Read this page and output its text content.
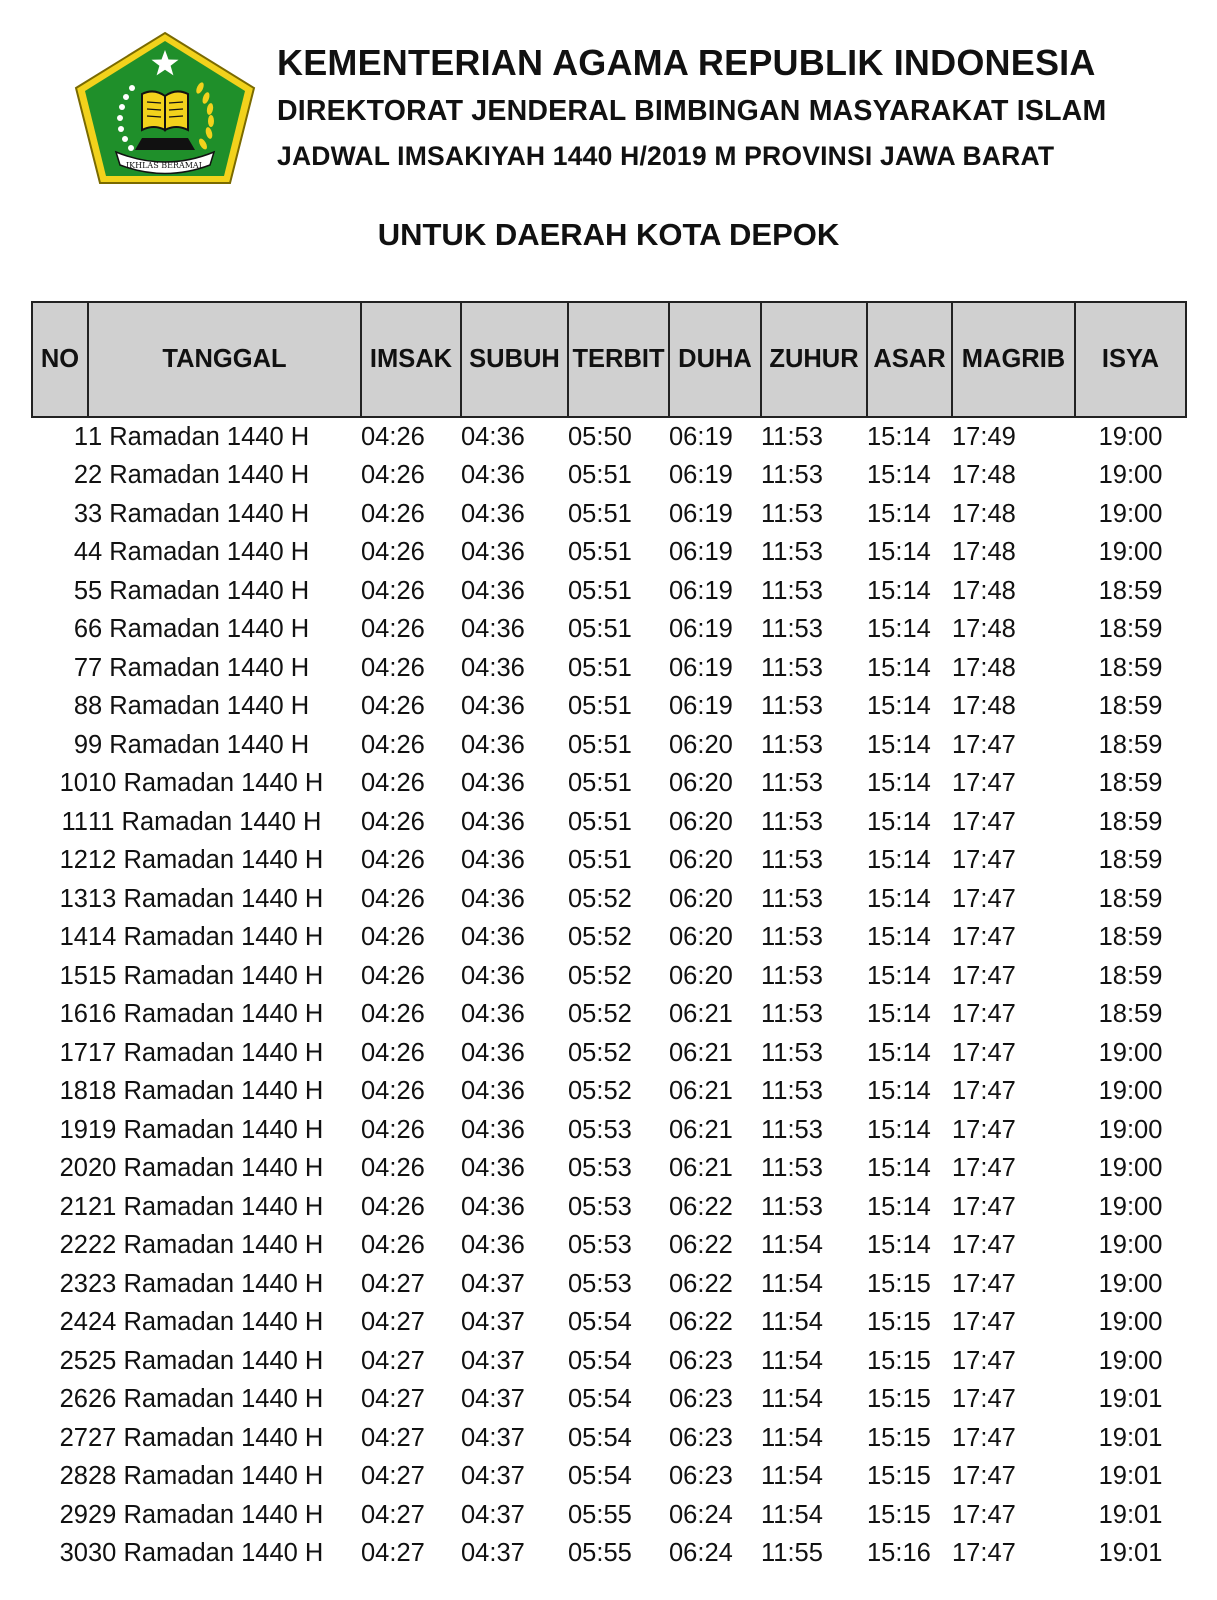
IKHLAS BERAMAL
KEMENTERIAN AGAMA REPUBLIK INDONESIA
DIREKTORAT JENDERAL BIMBINGAN MASYARAKAT ISLAM
JADWAL IMSAKIYAH 1440 H/2019 M PROVINSI JAWA BARAT
UNTUK DAERAH KOTA DEPOK
NO	TANGGAL	IMSAK	SUBUH	TERBIT	DUHA	ZUHUR	ASAR	MAGRIB	ISYA
1	1 Ramadan 1440 H	04:26	04:36	05:50	06:19	11:53	15:14	17:49	19:00
2	2 Ramadan 1440 H	04:26	04:36	05:51	06:19	11:53	15:14	17:48	19:00
3	3 Ramadan 1440 H	04:26	04:36	05:51	06:19	11:53	15:14	17:48	19:00
4	4 Ramadan 1440 H	04:26	04:36	05:51	06:19	11:53	15:14	17:48	19:00
5	5 Ramadan 1440 H	04:26	04:36	05:51	06:19	11:53	15:14	17:48	18:59
6	6 Ramadan 1440 H	04:26	04:36	05:51	06:19	11:53	15:14	17:48	18:59
7	7 Ramadan 1440 H	04:26	04:36	05:51	06:19	11:53	15:14	17:48	18:59
8	8 Ramadan 1440 H	04:26	04:36	05:51	06:19	11:53	15:14	17:48	18:59
9	9 Ramadan 1440 H	04:26	04:36	05:51	06:20	11:53	15:14	17:47	18:59
10	10 Ramadan 1440 H	04:26	04:36	05:51	06:20	11:53	15:14	17:47	18:59
11	11 Ramadan 1440 H	04:26	04:36	05:51	06:20	11:53	15:14	17:47	18:59
12	12 Ramadan 1440 H	04:26	04:36	05:51	06:20	11:53	15:14	17:47	18:59
13	13 Ramadan 1440 H	04:26	04:36	05:52	06:20	11:53	15:14	17:47	18:59
14	14 Ramadan 1440 H	04:26	04:36	05:52	06:20	11:53	15:14	17:47	18:59
15	15 Ramadan 1440 H	04:26	04:36	05:52	06:20	11:53	15:14	17:47	18:59
16	16 Ramadan 1440 H	04:26	04:36	05:52	06:21	11:53	15:14	17:47	18:59
17	17 Ramadan 1440 H	04:26	04:36	05:52	06:21	11:53	15:14	17:47	19:00
18	18 Ramadan 1440 H	04:26	04:36	05:52	06:21	11:53	15:14	17:47	19:00
19	19 Ramadan 1440 H	04:26	04:36	05:53	06:21	11:53	15:14	17:47	19:00
20	20 Ramadan 1440 H	04:26	04:36	05:53	06:21	11:53	15:14	17:47	19:00
21	21 Ramadan 1440 H	04:26	04:36	05:53	06:22	11:53	15:14	17:47	19:00
22	22 Ramadan 1440 H	04:26	04:36	05:53	06:22	11:54	15:14	17:47	19:00
23	23 Ramadan 1440 H	04:27	04:37	05:53	06:22	11:54	15:15	17:47	19:00
24	24 Ramadan 1440 H	04:27	04:37	05:54	06:22	11:54	15:15	17:47	19:00
25	25 Ramadan 1440 H	04:27	04:37	05:54	06:23	11:54	15:15	17:47	19:00
26	26 Ramadan 1440 H	04:27	04:37	05:54	06:23	11:54	15:15	17:47	19:01
27	27 Ramadan 1440 H	04:27	04:37	05:54	06:23	11:54	15:15	17:47	19:01
28	28 Ramadan 1440 H	04:27	04:37	05:54	06:23	11:54	15:15	17:47	19:01
29	29 Ramadan 1440 H	04:27	04:37	05:55	06:24	11:54	15:15	17:47	19:01
30	30 Ramadan 1440 H	04:27	04:37	05:55	06:24	11:55	15:16	17:47	19:01
